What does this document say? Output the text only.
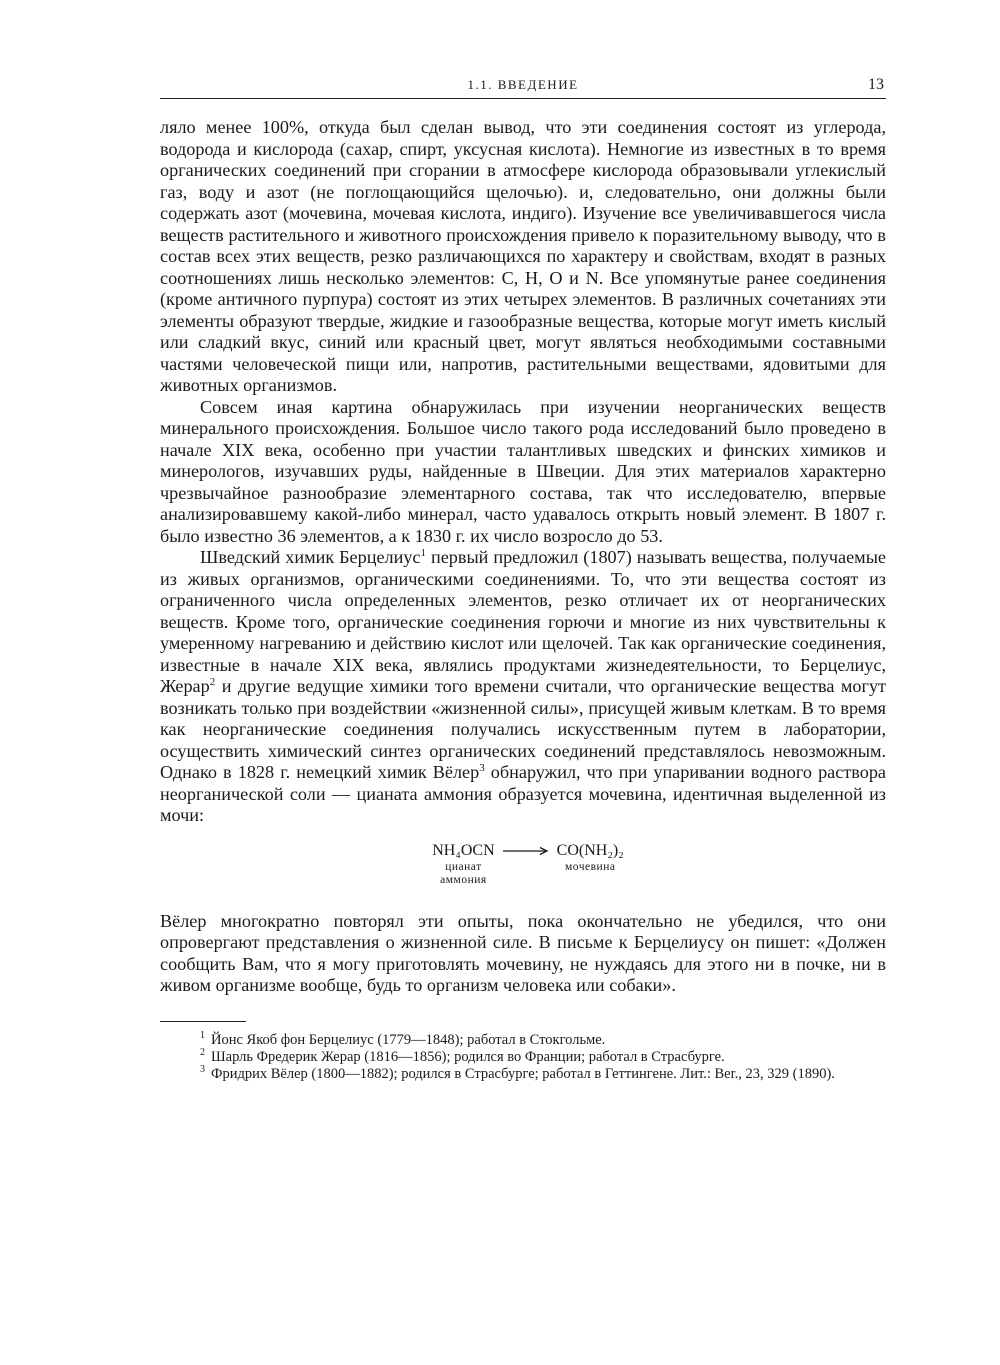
1.1. ВВЕДЕНИЕ	13

ляло менее 100%, откуда был сделан вывод, что эти соединения состоят из углерода, водорода и кислорода (сахар, спирт, уксусная кислота). Немногие из известных в то время органических соединений при сгорании в атмосфере кислорода образовывали углекислый газ, воду и азот (не поглощающийся щелочью). и, следовательно, они должны были содержать азот (мочевина, мочевая кислота, индиго). Изучение все увеличивавшегося числа веществ растительного и животного происхождения привело к поразительному выводу, что в состав всех этих веществ, резко различающихся по характеру и свойствам, входят в разных соотношениях лишь несколько элементов: С, Н, О и N. Все упомянутые ранее соединения (кроме античного пурпура) состоят из этих четырех элементов. В различных сочетаниях эти элементы образуют твердые, жидкие и газообразные вещества, которые могут иметь кислый или сладкий вкус, синий или красный цвет, могут являться необходимыми составными частями человеческой пищи или, напротив, растительными веществами, ядовитыми для животных организмов.

Совсем иная картина обнаружилась при изучении неорганических веществ минерального происхождения. Большое число такого рода исследований было проведено в начале XIX века, особенно при участии талантливых шведских и финских химиков и минерологов, изучавших руды, найденные в Швеции. Для этих материалов характерно чрезвычайное разнообразие элементарного состава, так что исследователю, впервые анализировавшему какой-либо минерал, часто удавалось открыть новый элемент. В 1807 г. было известно 36 элементов, а к 1830 г. их число возросло до 53.

Шведский химик Берцелиус$^1$ первый предложил (1807) называть вещества, получаемые из живых организмов, органическими соединениями. То, что эти вещества состоят из ограниченного числа определенных элементов, резко отличает их от неорганических веществ. Кроме того, органические соединения горючи и многие из них чувствительны к умеренному нагреванию и действию кислот или щелочей. Так как органические соединения, известные в начале XIX века, являлись продуктами жизнедеятельности, то Берцелиус, Жерар$^2$ и другие ведущие химики того времени считали, что органические вещества могут возникать только при воздействии «жизненной силы», присущей живым клеткам. В то время как неорганические соединения получались искусственным путем в лаборатории, осуществить химический синтез органических соединений представлялось невозможным. Однако в 1828 г. немецкий химик Вёлер$^3$ обнаружил, что при упаривании водного раствора неорганической соли — цианата аммония образуется мочевина, идентичная выделенной из мочи:

NH₄OCN
цианат
аммония
→ CO(NH₂)₂
мочевина

Вёлер многократно повторял эти опыты, пока окончательно не убедился, что они опровергают представления о жизненной силе. В письме к Берцелиусу он пишет: «Должен сообщить Вам, что я могу приготовлять мочевину, не нуждаясь для этого ни в почке, ни в живом организме вообще, будь то организм человека или собаки».

$^1$ Йонс Якоб фон Берцелиус (1779—1848); работал в Стокгольме.

$^2$ Шарль Фредерик Жерар (1816—1856); родился во Франции; работал в Страсбурге.

$^3$ Фридрих Вёлер (1800—1882); родился в Страсбурге; работал в Геттингене. Лит.: Ber., 23, 329 (1890).
